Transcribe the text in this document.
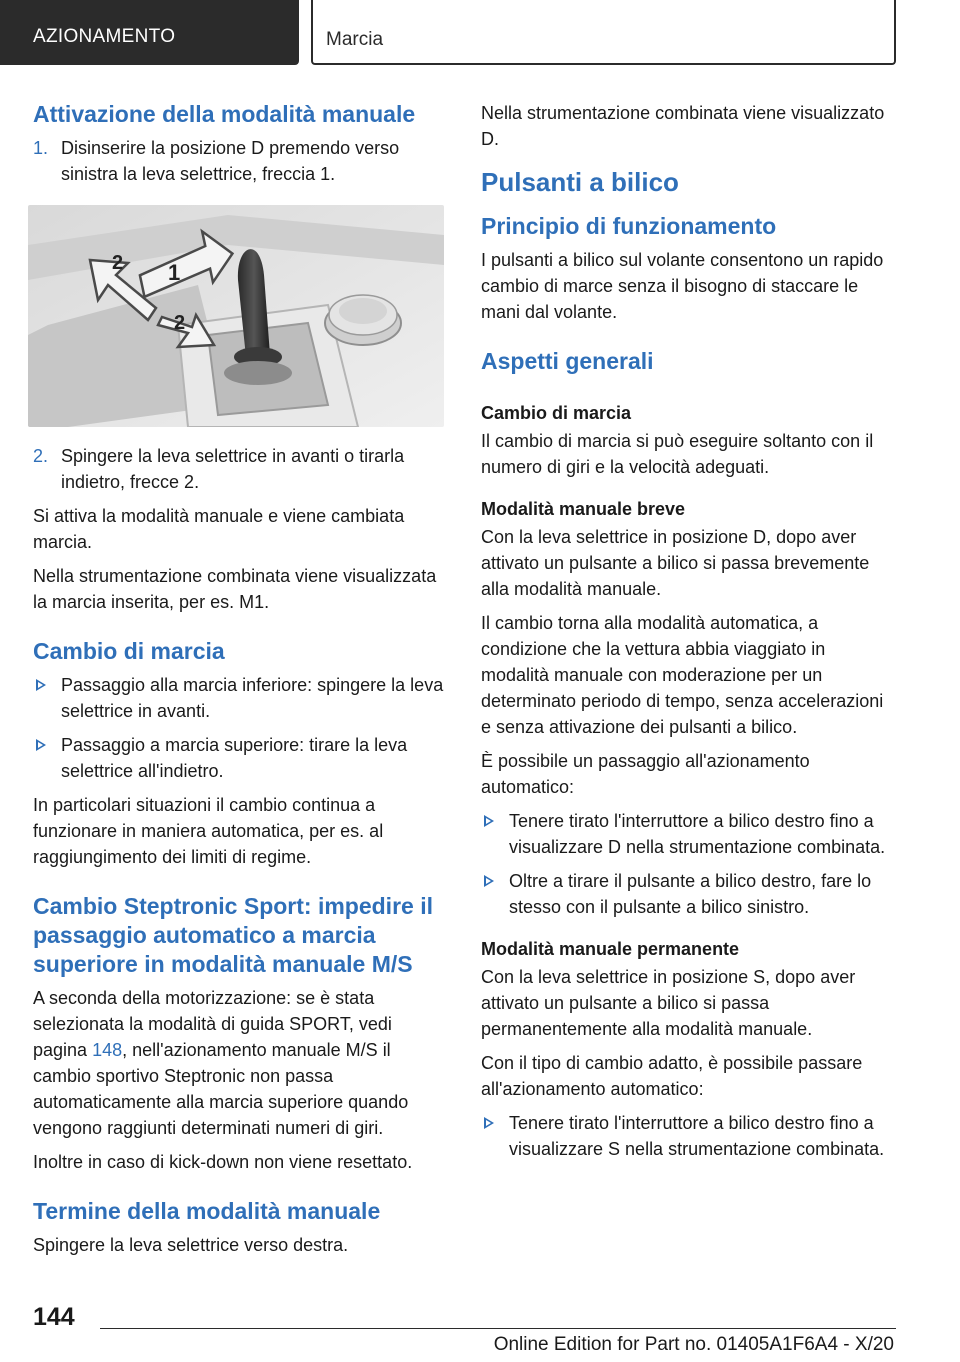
AZIONAMENTO	Marcia
Attivazione della modalità manuale
1. Disinserire la posizione D premendo verso sinistra la leva selettrice, freccia 1.
1
2
2
2. Spingere la leva selettrice in avanti o tirarla indietro, frecce 2.

Si attiva la modalità manuale e viene cambiata marcia.

Nella strumentazione combinata viene visualizzata la marcia inserita, per es. M1.

Cambio di marcia
Passaggio alla marcia inferiore: spingere la leva selettrice in avanti.
Passaggio a marcia superiore: tirare la leva selettrice all'indietro.

In particolari situazioni il cambio continua a funzionare in maniera automatica, per es. al raggiungimento dei limiti di regime.

Cambio Steptronic Sport: impedire il passaggio automatico a marcia superiore in modalità manuale M/S

A seconda della motorizzazione: se è stata selezionata la modalità di guida SPORT, vedi pagina 148, nell'azionamento manuale M/S il cambio sportivo Steptronic non passa automaticamente alla marcia superiore quando vengono raggiunti determinati numeri di giri.

Inoltre in caso di kick-down non viene resettato.

Termine della modalità manuale

Spingere la leva selettrice verso destra.

Nella strumentazione combinata viene visualizzato D.

Pulsanti a bilico
Principio di funzionamento

I pulsanti a bilico sul volante consentono un rapido cambio di marce senza il bisogno di staccare le mani dal volante.

Aspetti generali
Cambio di marcia

Il cambio di marcia si può eseguire soltanto con il numero di giri e la velocità adeguati.

Modalità manuale breve

Con la leva selettrice in posizione D, dopo aver attivato un pulsante a bilico si passa brevemente alla modalità manuale.

Il cambio torna alla modalità automatica, a condizione che la vettura abbia viaggiato in modalità manuale con moderazione per un determinato periodo di tempo, senza accelerazioni e senza attivazione dei pulsanti a bilico.

È possibile un passaggio all'azionamento automatico:

Tenere tirato l'interruttore a bilico destro fino a visualizzare D nella strumentazione combinata.
Oltre a tirare il pulsante a bilico destro, fare lo stesso con il pulsante a bilico sinistro.
Modalità manuale permanente

Con la leva selettrice in posizione S, dopo aver attivato un pulsante a bilico si passa permanentemente alla modalità manuale.

Con il tipo di cambio adatto, è possibile passare all'azionamento automatico:

Tenere tirato l'interruttore a bilico destro fino a visualizzare S nella strumentazione combinata.
144
Online Edition for Part no. 01405A1F6A4 - X/20
